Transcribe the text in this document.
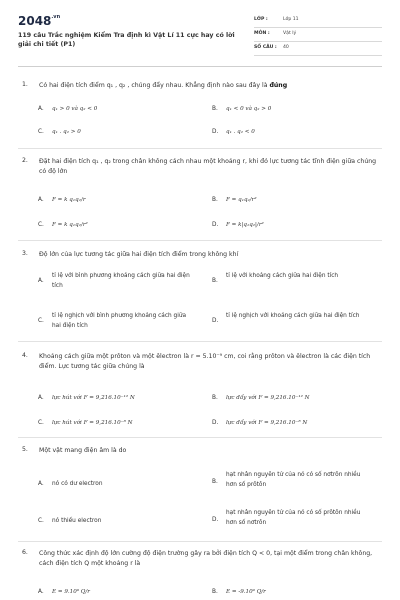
$2048^{.vn}$
119 câu Trắc nghiệm Kiểm Tra định kì Vật Lí 11 cực hay có lời giải chi tiết (P1)
LỚP :	Lớp 11
MÔN :	Vật lý
SỐ CÂU : 40
1. Có hai điện tích điểm q₁ , q₂ , chúng đẩy nhau. Khẳng định nào sau đây là đúng
A. q₁ > 0 và q₂ < 0	B. q₁ < 0 và q₂ > 0
C. q₁ . q₂ > 0	D. q₁ . q₂ < 0
2. Đặt hai điện tích q₁ , q₂ trong chân không cách nhau một khoảng r, khi đó lực tương tác tĩnh điện giữa chúng có độ lớn
A. F = k q₁q₂/r	B. F = q₁q₂/r²
C. F = k q₁q₂/r²	D. F = k|q₁q₂|/r²
3. Độ lớn của lực tương tác giữa hai điện tích điểm trong không khí
A.
tỉ lệ với bình phương khoảng cách giữa hai điện tích
B.
tỉ lệ với khoảng cách giữa hai điện tích
C.
tỉ lệ nghịch với bình phương khoảng cách giữa hai điện tích
D.
tỉ lệ nghịch với khoảng cách giữa hai điện tích
4. Khoảng cách giữa một prôton và một êlectron là r = 5.10⁻⁹ cm, coi rằng prôton và êlectron là các điện tích điểm. Lực tương tác giữa chúng là
A. lực hút với F = 9,216.10⁻¹² N	B. lực đẩy với F = 9,216.10⁻¹² N
C. lực hút với F = 9,216.10⁻⁸ N	D. lực đẩy với F = 9,216.10⁻⁸ N
5. Một vật mang điện âm là do
A. nó có dư electron	B.
hạt nhân nguyên tử của nó có số nơtrôn nhiều hơn số prôtôn
C. nó thiếu electron	D.
hạt nhân nguyên tử của nó có số prôtôn nhiều hơn số nơtrôn
6. Công thức xác định độ lớn cường độ điện trường gây ra bởi điện tích Q < 0, tại một điểm trong chân không, cách điện tích Q một khoảng r là
A. E = 9.10⁹ Q/r	B. E = -9.10⁹ Q/r
